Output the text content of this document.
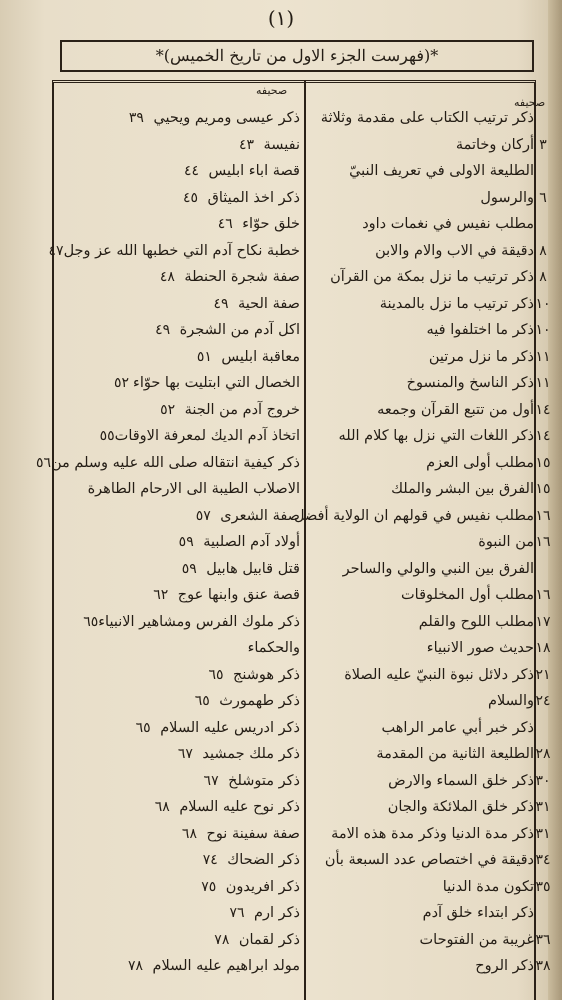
(١)
*(فهرست الجزء الاول من تاريخ الخميس)*
صحيفه
صحيفه
٣٩ ذكر عيسى ومريم ويحيي
٤٣ نفيسة
٤٤ قصة اباء ابليس
٤٥ ذكر اخذ الميثاق
٤٦ خلق حوّاء
٤٧ خطبة نكاح آدم التي خطبها الله عز وجل
٤٨ صفة شجرة الحنطة
٤٩ صفة الحية
٤٩ اكل آدم من الشجرة
٥١ معاقبة ابليس
٥٢ الخصال التي ابتليت بها حوّاء
٥٢ خروج آدم من الجنة
٥٥ اتخاذ آدم الديك لمعرفة الاوقات
٥٦ ذكر كيفية انتقاله صلى الله عليه وسلم من
الاصلاب الطيبة الى الارحام الطاهرة
٥٧ صفة الشعرى
٥٩ أولاد آدم الصلبية
٥٩ قتل قابيل هابيل
٦٢ قصة عنق وابنها عوج
٦٥ ذكر ملوك الفرس ومشاهير الانبياء
والحكماء
٦٥ ذكر هوشنج
٦٥ ذكر طهمورث
٦٥ ذكر ادريس عليه السلام
٦٧ ذكر ملك جمشيد
٦٧ ذكر متوشلخ
٦٨ ذكر نوح عليه السلام
٦٨ صفة سفينة نوح
٧٤ ذكر الضحاك
٧٥ ذكر افريدون
٧٦ ذكر ارم
٧٨ ذكر لقمان
٧٨ مولد ابراهيم عليه السلام
ذكر ترتيب الكتاب على مقدمة وثلاثة
٣
أركان وخاتمة
الطليعة الاولى في تعريف النبيّ
٦
والرسول
مطلب نفيس في نغمات داود
٨
دقيقة في الاب والام والابن
٨
ذكر ترتيب ما نزل بمكة من القرآن
١٠
ذكر ترتيب ما نزل بالمدينة
١٠
ذكر ما اختلفوا فيه
١١
ذكر ما نزل مرتين
١١
ذكر الناسخ والمنسوخ
١٤
أول من تتبع القرآن وجمعه
١٤
ذكر اللغات التي نزل بها كلام الله
١٥
مطلب أولى العزم
١٥
الفرق بين البشر والملك
١٦
مطلب نفيس في قولهم ان الولاية أفضل
١٦
من النبوة
الفرق بين النبي والولي والساحر
١٦
مطلب أول المخلوقات
١٧
مطلب اللوح والقلم
١٨
حديث صور الانبياء
٢١
ذكر دلائل نبوة النبيّ عليه الصلاة
٢٤
والسلام
ذكر خبر أبي عامر الراهب
٢٨
الطليعة الثانية من المقدمة
٣٠
ذكر خلق السماء والارض
٣١
ذكر خلق الملائكة والجان
٣١
ذكر مدة الدنيا وذكر مدة هذه الامة
٣٤
دقيقة في اختصاص عدد السبعة بأن
٣٥
تكون مدة الدنيا
ذكر ابتداء خلق آدم
٣٦
غريبة من الفتوحات
٣٨
ذكر الروح
